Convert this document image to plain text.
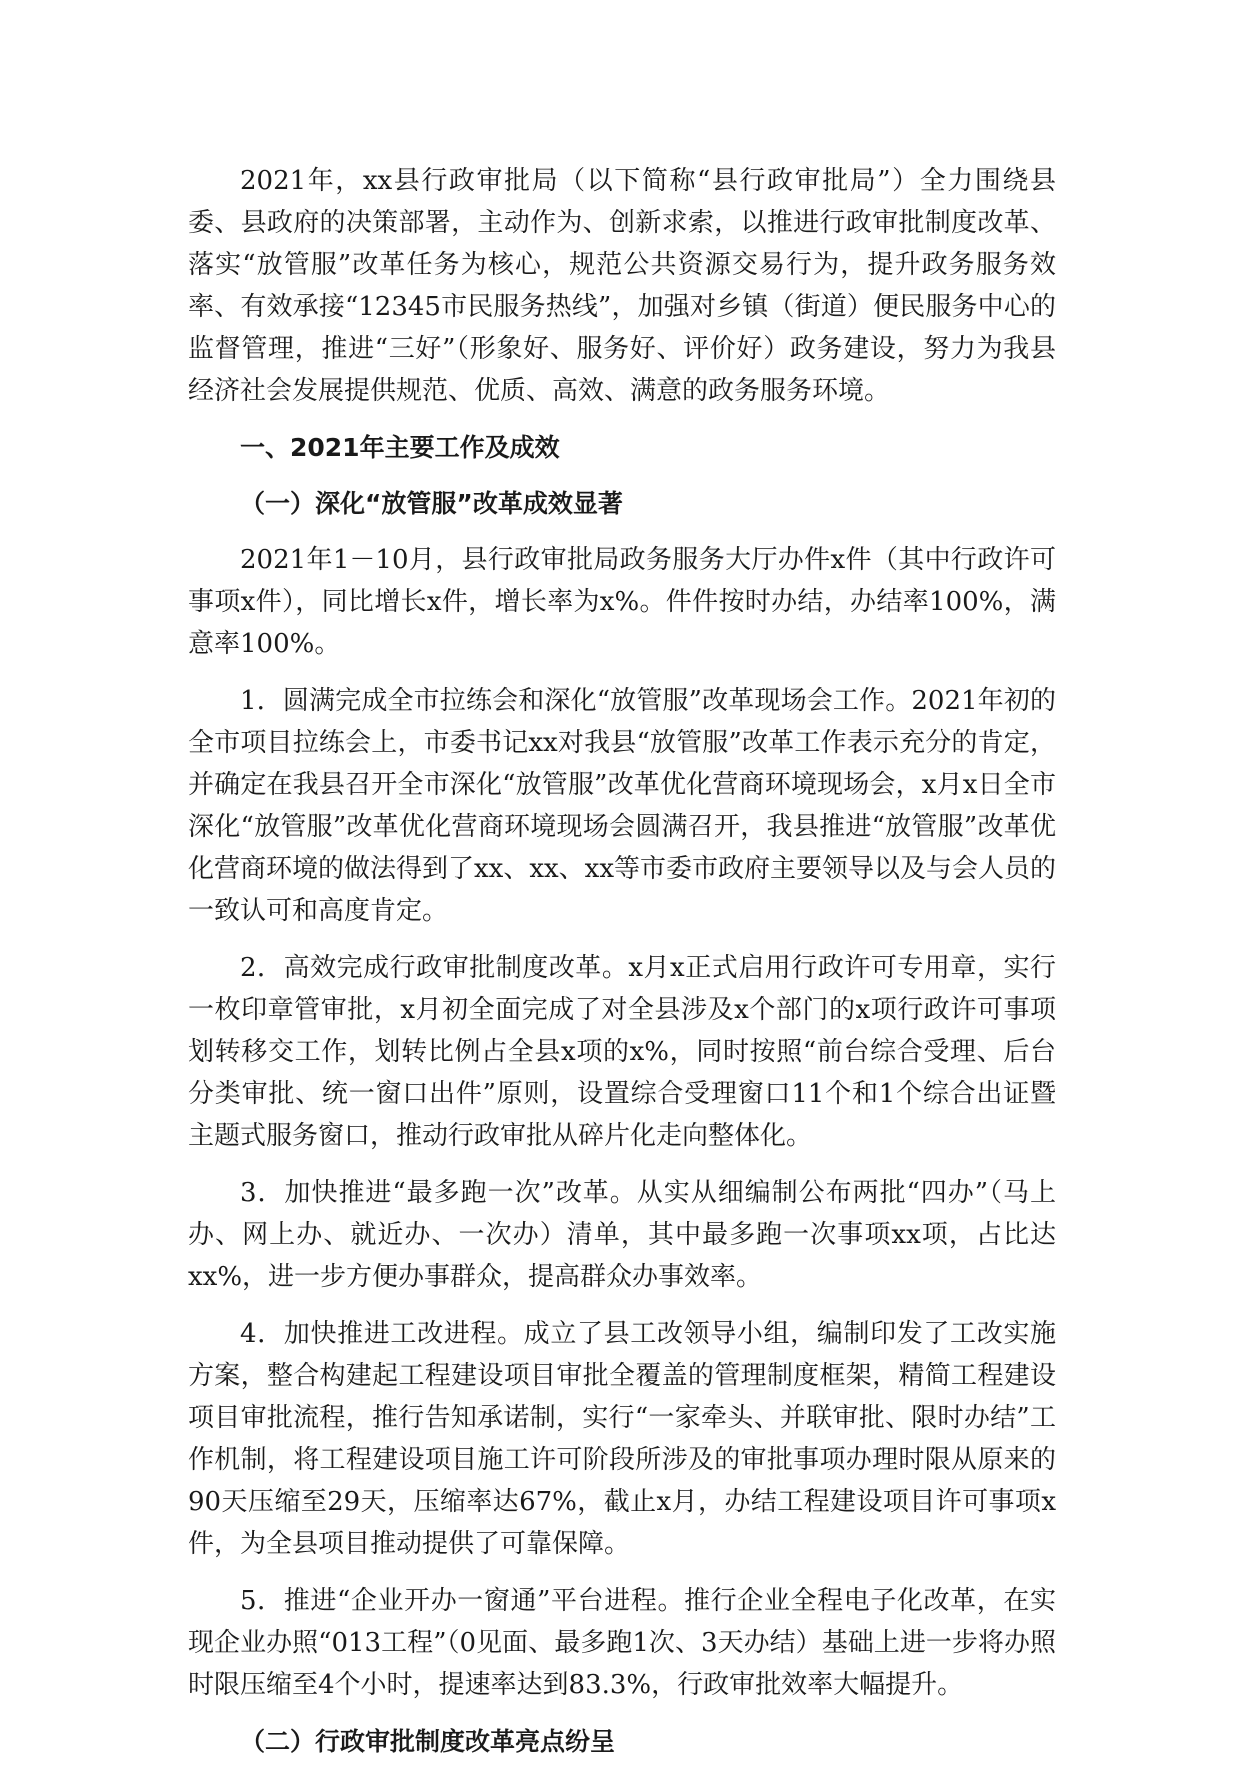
2021年，xx县行政审批局（以下简称“县行政审批局”）全力围绕县委、县政府的决策部署，主动作为、创新求索，以推进行政审批制度改革、落实“放管服”改革任务为核心，规范公共资源交易行为，提升政务服务效率、有效承接“12345市民服务热线”，加强对乡镇（街道）便民服务中心的监督管理，推进“三好”（形象好、服务好、评价好）政务建设，努力为我县经济社会发展提供规范、优质、高效、满意的政务服务环境。

一、2021年主要工作及成效

（一）深化“放管服”改革成效显著

2021年1－10月，县行政审批局政务服务大厅办件x件（其中行政许可事项x件），同比增长x件，增长率为x%。件件按时办结，办结率100%，满意率100%。

1．圆满完成全市拉练会和深化“放管服”改革现场会工作。2021年初的全市项目拉练会上，市委书记xx对我县“放管服”改革工作表示充分的肯定，并确定在我县召开全市深化“放管服”改革优化营商环境现场会，x月x日全市深化“放管服”改革优化营商环境现场会圆满召开，我县推进“放管服”改革优化营商环境的做法得到了xx、xx、xx等市委市政府主要领导以及与会人员的一致认可和高度肯定。

2．高效完成行政审批制度改革。x月x正式启用行政许可专用章，实行一枚印章管审批，x月初全面完成了对全县涉及x个部门的x项行政许可事项划转移交工作，划转比例占全县x项的x%，同时按照“前台综合受理、后台分类审批、统一窗口出件”原则，设置综合受理窗口11个和1个综合出证暨主题式服务窗口，推动行政审批从碎片化走向整体化。

3．加快推进“最多跑一次”改革。从实从细编制公布两批“四办”（马上办、网上办、就近办、一次办）清单，其中最多跑一次事项xx项，占比达xx%，进一步方便办事群众，提高群众办事效率。

4．加快推进工改进程。成立了县工改领导小组，编制印发了工改实施方案，整合构建起工程建设项目审批全覆盖的管理制度框架，精简工程建设项目审批流程，推行告知承诺制，实行“一家牵头、并联审批、限时办结”工作机制，将工程建设项目施工许可阶段所涉及的审批事项办理时限从原来的90天压缩至29天，压缩率达67%，截止x月，办结工程建设项目许可事项x件，为全县项目推动提供了可靠保障。

5．推进“企业开办一窗通”平台进程。推行企业全程电子化改革，在实现企业办照“013工程”（0见面、最多跑1次、3天办结）基础上进一步将办照时限压缩至4个小时，提速率达到83.3%，行政审批效率大幅提升。

（二）行政审批制度改革亮点纷呈
